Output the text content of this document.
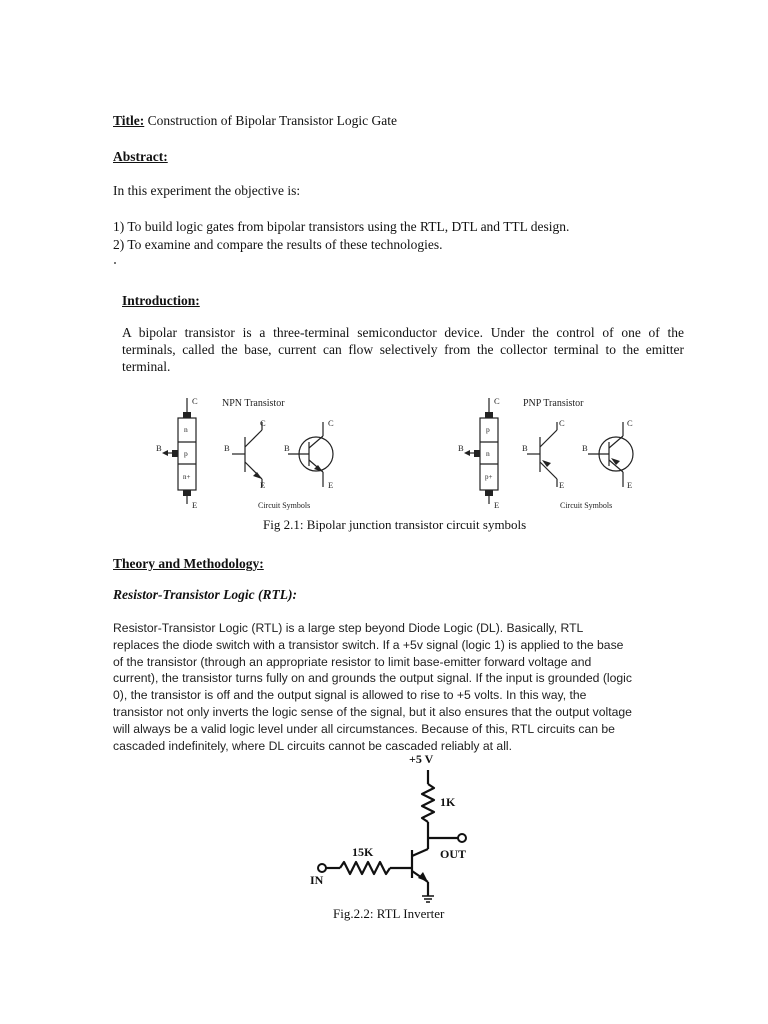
Title: Construction of Bipolar Transistor Logic Gate
Abstract:
In this experiment the objective is:
1) To build logic gates from bipolar transistors using the RTL, DTL and TTL design.
2) To examine and compare the results of these technologies.
Introduction:
A bipolar transistor is a three-terminal semiconductor device. Under the control of one of the
terminals, called the base, current can flow selectively from the collector terminal to the emitter
terminal.
C
B
E
n
p
n+
NPN Transistor
C
B
E
C
B
E
Circuit Symbols
C
B
E
p
n
p+
PNP Transistor
C
B
E
C
B
E
Circuit Symbols
Fig 2.1: Bipolar junction transistor circuit symbols
Theory and Methodology:
Resistor-Transistor Logic (RTL):
Resistor-Transistor Logic (RTL) is a large step beyond Diode Logic (DL). Basically, RTL
replaces the diode switch with a transistor switch. If a +5v signal (logic 1) is applied to the base
of the transistor (through an appropriate resistor to limit base-emitter forward voltage and
current), the transistor turns fully on and grounds the output signal. If the input is grounded (logic
0), the transistor is off and the output signal is allowed to rise to +5 volts. In this way, the
transistor not only inverts the logic sense of the signal, but it also ensures that the output voltage
will always be a valid logic level under all circumstances. Because of this, RTL circuits can be
cascaded indefinitely, where DL circuits cannot be cascaded reliably at all.
+5 V
1K
15K	OUT
IN
Fig.2.2: RTL Inverter
